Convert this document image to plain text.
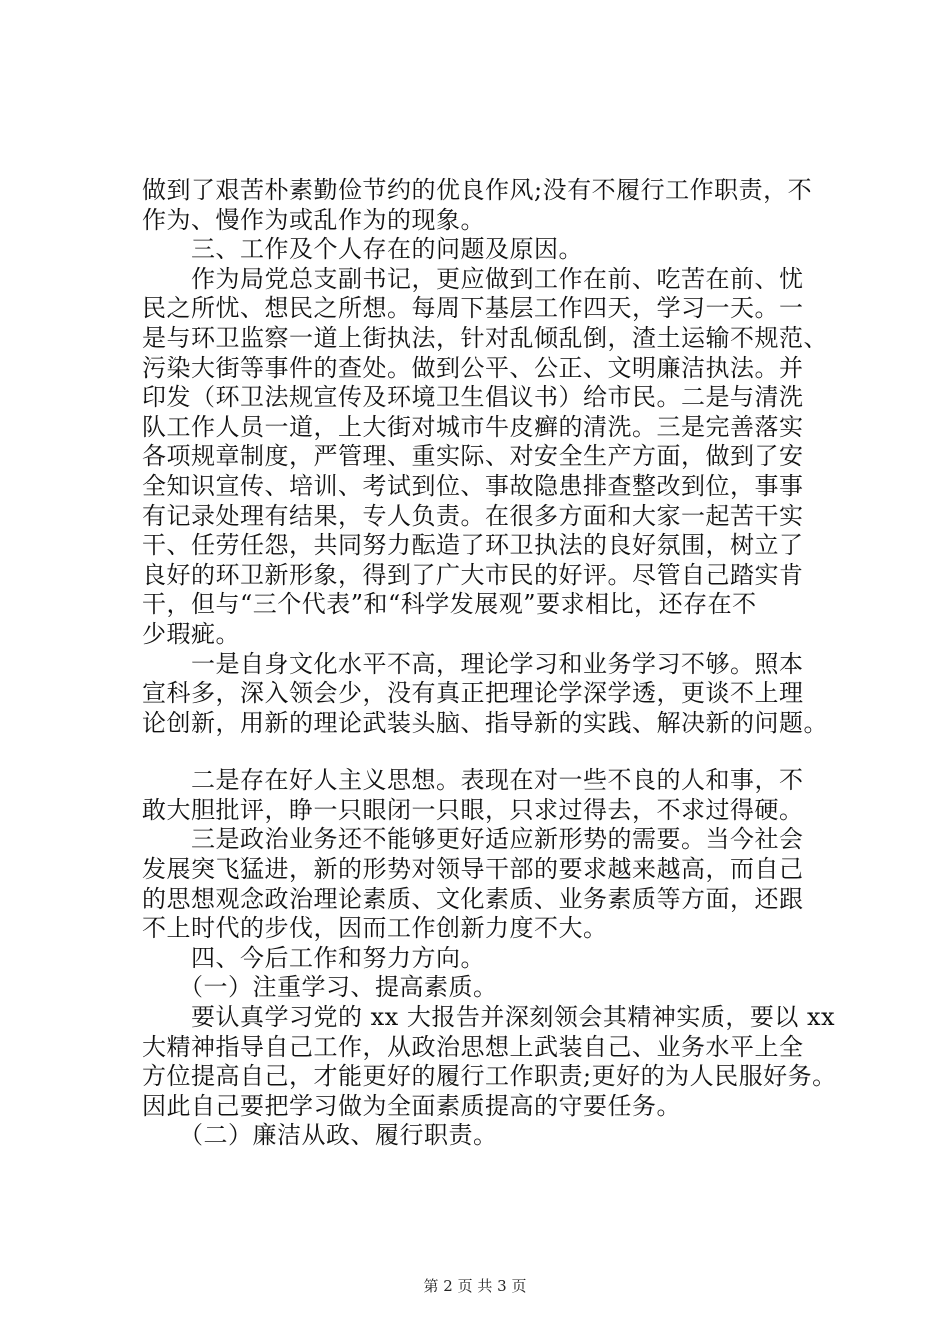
做到了艰苦朴素勤俭节约的优良作风;没有不履行工作职责，不
作为、慢作为或乱作为的现象。
　　三、工作及个人存在的问题及原因。
　　作为局党总支副书记，更应做到工作在前、吃苦在前、忧
民之所忧、想民之所想。每周下基层工作四天，学习一天。一
是与环卫监察一道上街执法，针对乱倾乱倒，渣土运输不规范、
污染大街等事件的查处。做到公平、公正、文明廉洁执法。并
印发（环卫法规宣传及环境卫生倡议书）给市民。二是与清洗
队工作人员一道，上大街对城市牛皮癣的清洗。三是完善落实
各项规章制度，严管理、重实际、对安全生产方面，做到了安
全知识宣传、培训、考试到位、事故隐患排查整改到位，事事
有记录处理有结果，专人负责。在很多方面和大家一起苦干实
干、任劳任怨，共同努力酝造了环卫执法的良好氛围，树立了
良好的环卫新形象，得到了广大市民的好评。尽管自己踏实肯
干，但与“三个代表”和“科学发展观”要求相比，还存在不
少瑕疵。
　　一是自身文化水平不高，理论学习和业务学习不够。照本
宣科多，深入领会少，没有真正把理论学深学透，更谈不上理
论创新，用新的理论武装头脑、指导新的实践、解决新的问题。
　　二是存在好人主义思想。表现在对一些不良的人和事，不
敢大胆批评，睁一只眼闭一只眼，只求过得去，不求过得硬。
　　三是政治业务还不能够更好适应新形势的需要。当今社会
发展突飞猛进，新的形势对领导干部的要求越来越高，而自己
的思想观念政治理论素质、文化素质、业务素质等方面，还跟
不上时代的步伐，因而工作创新力度不大。
　　四、今后工作和努力方向。
　　（一）注重学习、提高素质。
　　要认真学习党的 xx 大报告并深刻领会其精神实质，要以 xx
大精神指导自己工作，从政治思想上武装自己、业务水平上全
方位提高自己，才能更好的履行工作职责;更好的为人民服好务。
因此自己要把学习做为全面素质提高的守要任务。
　　（二）廉洁从政、履行职责。
第 2 页 共 3 页
